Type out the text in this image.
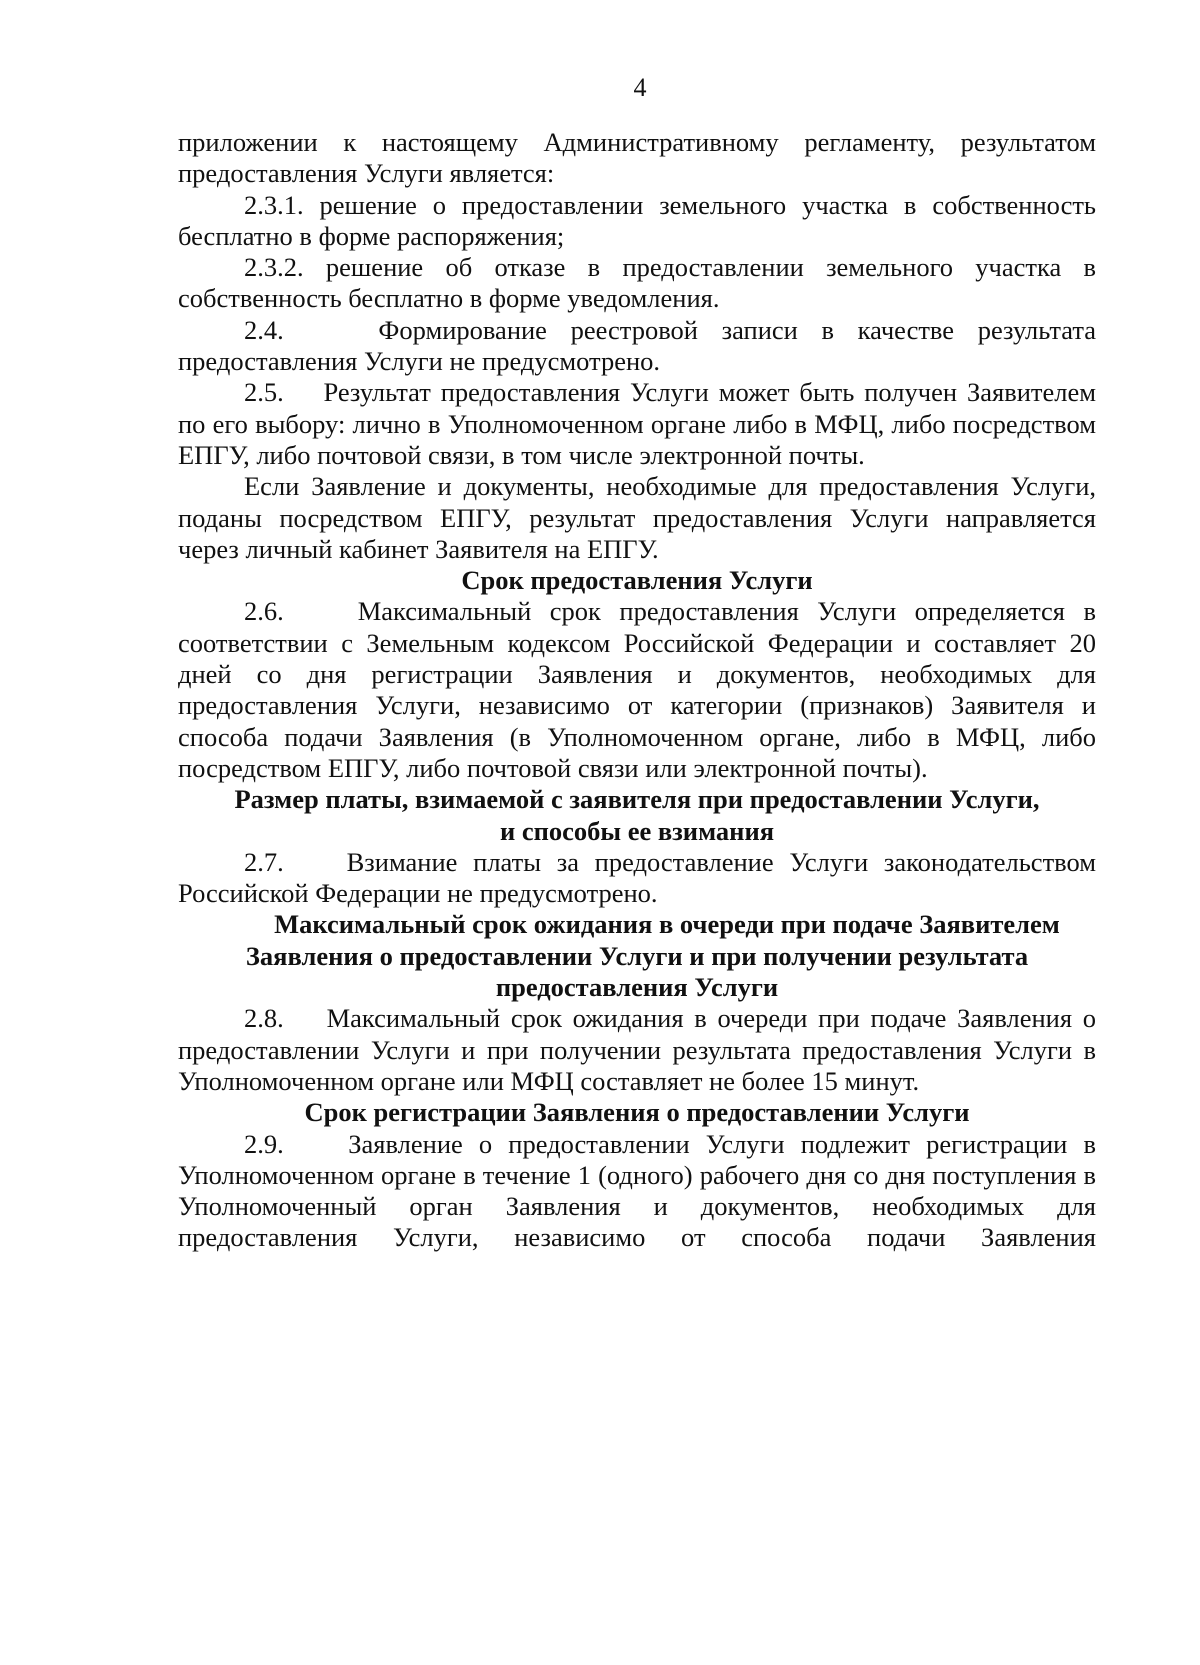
4

приложении к настоящему Административному регламенту, результатом предоставления Услуги является:

2.3.1. решение о предоставлении земельного участка в собственность бесплатно в форме распоряжения;

2.3.2. решение об отказе в предоставлении земельного участка в собственность бесплатно в форме уведомления.

2.4.    Формирование реестровой записи в качестве результата предоставления Услуги не предусмотрено.

2.5.    Результат предоставления Услуги может быть получен Заявителем по его выбору: лично в Уполномоченном органе либо в МФЦ, либо посредством ЕПГУ, либо почтовой связи, в том числе электронной почты.

Если Заявление и документы, необходимые для предоставления Услуги, поданы посредством ЕПГУ, результат предоставления Услуги направляется через личный кабинет Заявителя на ЕПГУ.

Срок предоставления Услуги

2.6.    Максимальный срок предоставления Услуги определяется в соответствии с Земельным кодексом Российской Федерации и составляет 20 дней со дня регистрации Заявления и документов, необходимых для предоставления Услуги, независимо от категории (признаков) Заявителя и способа подачи Заявления (в Уполномоченном органе, либо в МФЦ, либо посредством ЕПГУ, либо почтовой связи или электронной почты).

Размер платы, взимаемой с заявителя при предоставлении Услуги,
и способы ее взимания

2.7.    Взимание платы за предоставление Услуги законодательством Российской Федерации не предусмотрено.

Максимальный срок ожидания в очереди при подаче Заявителем
Заявления о предоставлении Услуги и при получении результата
предоставления Услуги

2.8.    Максимальный срок ожидания в очереди при подаче Заявления о предоставлении Услуги и при получении результата предоставления Услуги в Уполномоченном органе или МФЦ составляет не более 15 минут.

Срок регистрации Заявления о предоставлении Услуги

2.9.    Заявление о предоставлении Услуги подлежит регистрации в Уполномоченном органе в течение 1 (одного) рабочего дня со дня поступления в Уполномоченный орган Заявления и документов, необходимых для предоставления Услуги, независимо от способа подачи Заявления
